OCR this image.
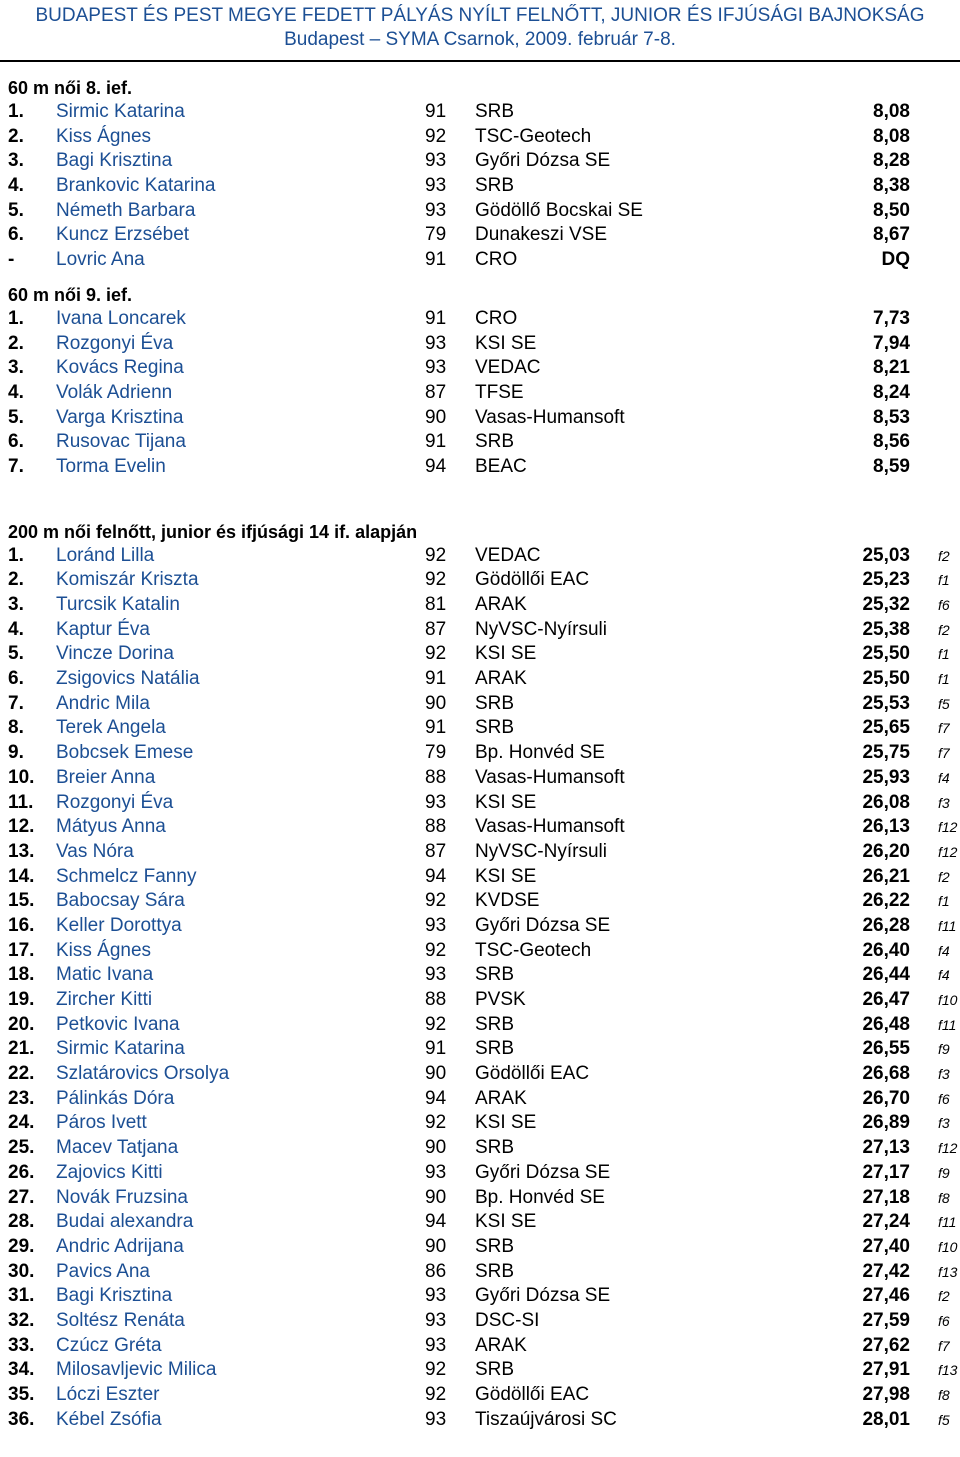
BUDAPEST ÉS PEST MEGYE FEDETT PÁLYÁS NYÍLT FELNŐTT, JUNIOR ÉS IFJÚSÁGI BAJNOKSÁG
Budapest – SYMA Csarnok, 2009. február 7-8.
60 m női 8. ief.
1. Sirmic Katarina	91 SRB	8,08
2. Kiss Ágnes	92 TSC-Geotech	8,08
3. Bagi Krisztina	93 Győri Dózsa SE	8,28
4. Brankovic Katarina	93 SRB	8,38
5. Németh Barbara	93 Gödöllő Bocskai SE	8,50
6. Kuncz Erzsébet	79 Dunakeszi VSE	8,67
- Lovric Ana	91 CRO	DQ
60 m női 9. ief.
1. Ivana Loncarek	91 CRO	7,73
2. Rozgonyi Éva	93 KSI SE	7,94
3. Kovács Regina	93 VEDAC	8,21
4. Volák Adrienn	87 TFSE	8,24
5. Varga Krisztina	90 Vasas-Humansoft	8,53
6. Rusovac Tijana	91 SRB	8,56
7. Torma Evelin	94 BEAC	8,59
200 m női felnőtt, junior és ifjúsági 14 if. alapján
1. Loránd Lilla	92 VEDAC	25,03 f2
2. Komiszár Kriszta	92 Gödöllői EAC	25,23 f1
3. Turcsik Katalin	81 ARAK	25,32 f6
4. Kaptur Éva	87 NyVSC-Nyírsuli	25,38 f2
5. Vincze Dorina	92 KSI SE	25,50 f1
6. Zsigovics Natália	91 ARAK	25,50 f1
7. Andric Mila	90 SRB	25,53 f5
8. Terek Angela	91 SRB	25,65 f7
9. Bobcsek Emese	79 Bp. Honvéd SE	25,75 f7
10. Breier Anna	88 Vasas-Humansoft	25,93 f4
11. Rozgonyi Éva	93 KSI SE	26,08 f3
12. Mátyus Anna	88 Vasas-Humansoft	26,13 f12
13. Vas Nóra	87 NyVSC-Nyírsuli	26,20 f12
14. Schmelcz Fanny	94 KSI SE	26,21 f2
15. Babocsay Sára	92 KVDSE	26,22 f1
16. Keller Dorottya	93 Győri Dózsa SE	26,28 f11
17. Kiss Ágnes	92 TSC-Geotech	26,40 f4
18. Matic Ivana	93 SRB	26,44 f4
19. Zircher Kitti	88 PVSK	26,47 f10
20. Petkovic Ivana	92 SRB	26,48 f11
21. Sirmic Katarina	91 SRB	26,55 f9
22. Szlatárovics Orsolya	90 Gödöllői EAC	26,68 f3
23. Pálinkás Dóra	94 ARAK	26,70 f6
24. Páros Ivett	92 KSI SE	26,89 f3
25. Macev Tatjana	90 SRB	27,13 f12
26. Zajovics Kitti	93 Győri Dózsa SE	27,17 f9
27. Novák Fruzsina	90 Bp. Honvéd SE	27,18 f8
28. Budai alexandra	94 KSI SE	27,24 f11
29. Andric Adrijana	90 SRB	27,40 f10
30. Pavics Ana	86 SRB	27,42 f13
31. Bagi Krisztina	93 Győri Dózsa SE	27,46 f2
32. Soltész Renáta	93 DSC-SI	27,59 f6
33. Czúcz Gréta	93 ARAK	27,62 f7
34. Milosavljevic Milica	92 SRB	27,91 f13
35. Lóczi Eszter	92 Gödöllői EAC	27,98 f8
36. Kébel Zsófia	93 Tiszaújvárosi SC	28,01 f5
